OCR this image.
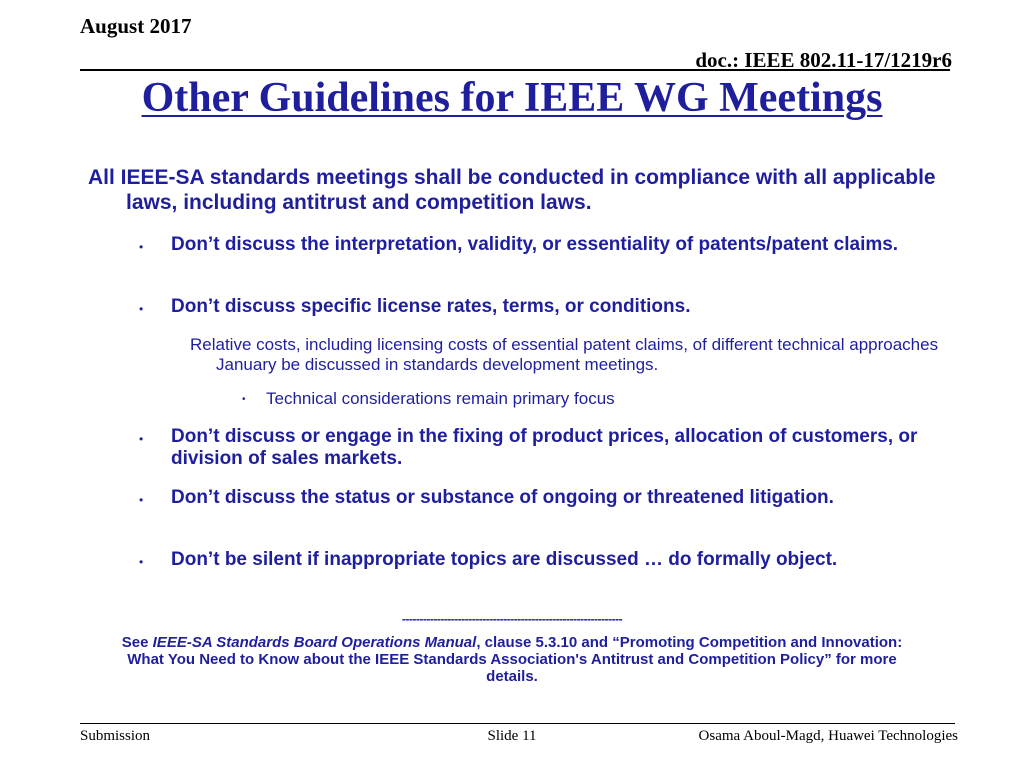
August 2017
doc.: IEEE 802.11-17/1219r6
Other Guidelines for IEEE WG Meetings
All IEEE-SA standards meetings shall be conducted in compliance with all applicable laws, including antitrust and competition laws.
• Don’t discuss the interpretation, validity, or essentiality of patents/patent claims.
• Don’t discuss specific license rates, terms, or conditions.
Relative costs, including licensing costs of essential patent claims, of different technical approaches January be discussed in standards development meetings.
• Technical considerations remain primary focus
• Don’t discuss or engage in the fixing of product prices, allocation of customers, or division of sales markets.
• Don’t discuss the status or substance of ongoing or threatened litigation.
• Don’t be silent if inappropriate topics are discussed … do formally object.
---------------------------------------------------------------
See IEEE-SA Standards Board Operations Manual, clause 5.3.10 and “Promoting Competition and Innovation: What You Need to Know about the IEEE Standards Association's Antitrust and Competition Policy” for more details.
Submission	Slide 11	Osama Aboul-Magd, Huawei Technologies
